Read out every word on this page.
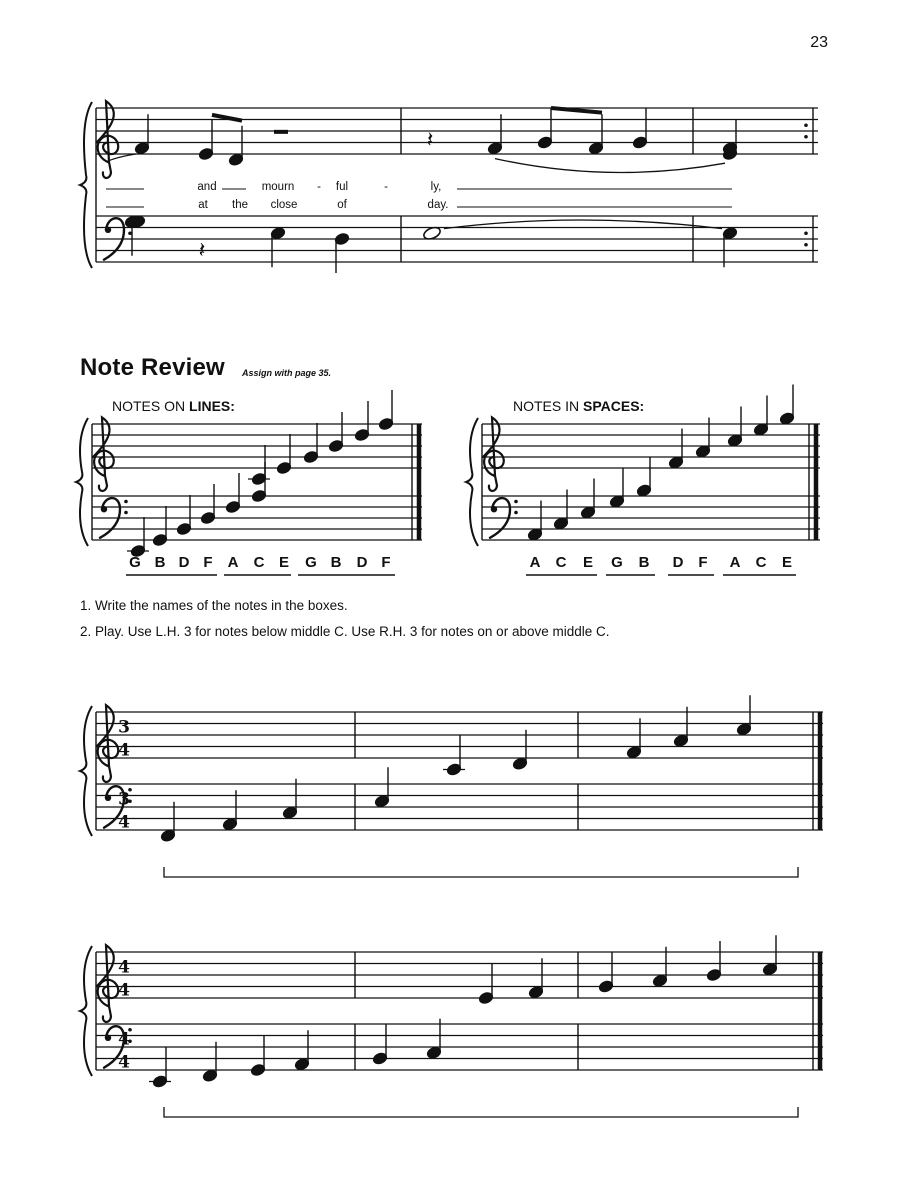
𝄽
𝄽
3
4
3
4
4
4
4
4
23
and	mourn - ful	-	ly,
at the close	of	day.
Note Review Assign with page 35.
NOTES ON LINES:	NOTES IN SPACES:
G B D F A C E G B D F	A C E G B D F A C E
1. Write the names of the notes in the boxes.
2. Play. Use L.H. 3 for notes below middle C. Use R.H. 3 for notes on or above middle C.
